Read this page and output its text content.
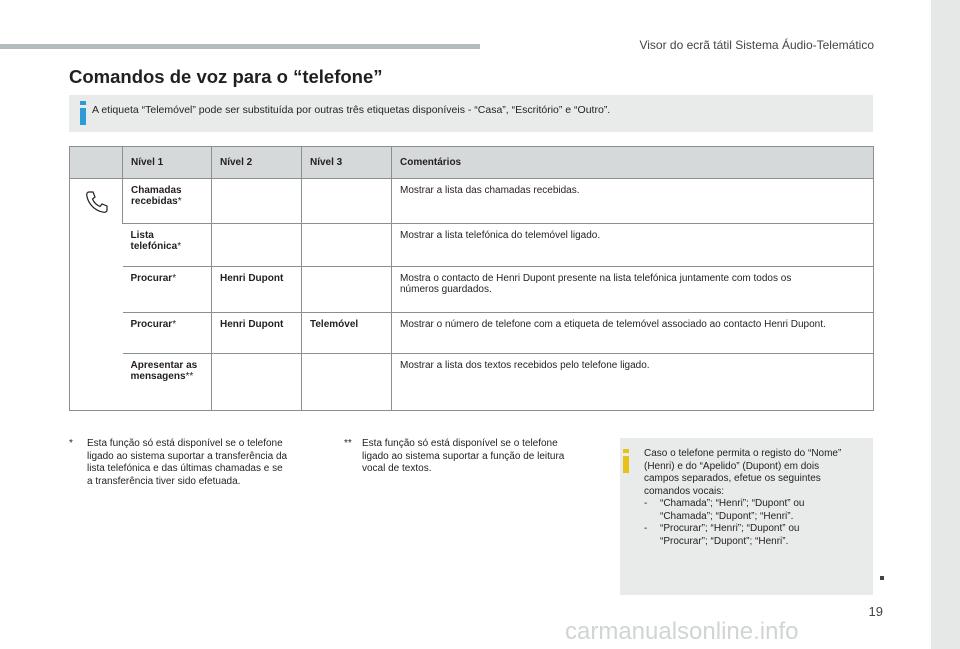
Visor do ecrã tátil Sistema Áudio-Telemático
Comandos de voz para o “telefone”
A etiqueta “Telemóvel” pode ser substituída por outras três etiquetas disponíveis - “Casa”, “Escritório” e “Outro”.
	Nível 1	Nível 2	Nível 3	Comentários
	Chamadas
recebidas*			Mostrar a lista das chamadas recebidas.
	Lista
telefónica*			Mostrar a lista telefónica do telemóvel ligado.
	Procurar*	Henri Dupont		Mostra o contacto de Henri Dupont presente na lista telefónica juntamente com todos os
números guardados.
	Procurar*	Henri Dupont	Telemóvel	Mostrar o número de telefone com a etiqueta de telemóvel associado ao contacto Henri Dupont.
	Apresentar as
mensagens**			Mostrar a lista dos textos recebidos pelo telefone ligado.
* Esta função só está disponível se o telefone
ligado ao sistema suportar a transferência da
lista telefónica e das últimas chamadas e se
a transferência tiver sido efetuada.
** Esta função só está disponível se o telefone
ligado ao sistema suportar a função de leitura
vocal de textos.
Caso o telefone permita o registo do “Nome”
(Henri) e do “Apelido” (Dupont) em dois
campos separados, efetue os seguintes
comandos vocais:
-	“Chamada”; “Henri”; “Dupont” ou
“Chamada”; “Dupont”; “Henri”.
-	“Procurar”; “Henri”; “Dupont” ou
“Procurar”; “Dupont”; “Henri”.
19
carmanualsonline.info
